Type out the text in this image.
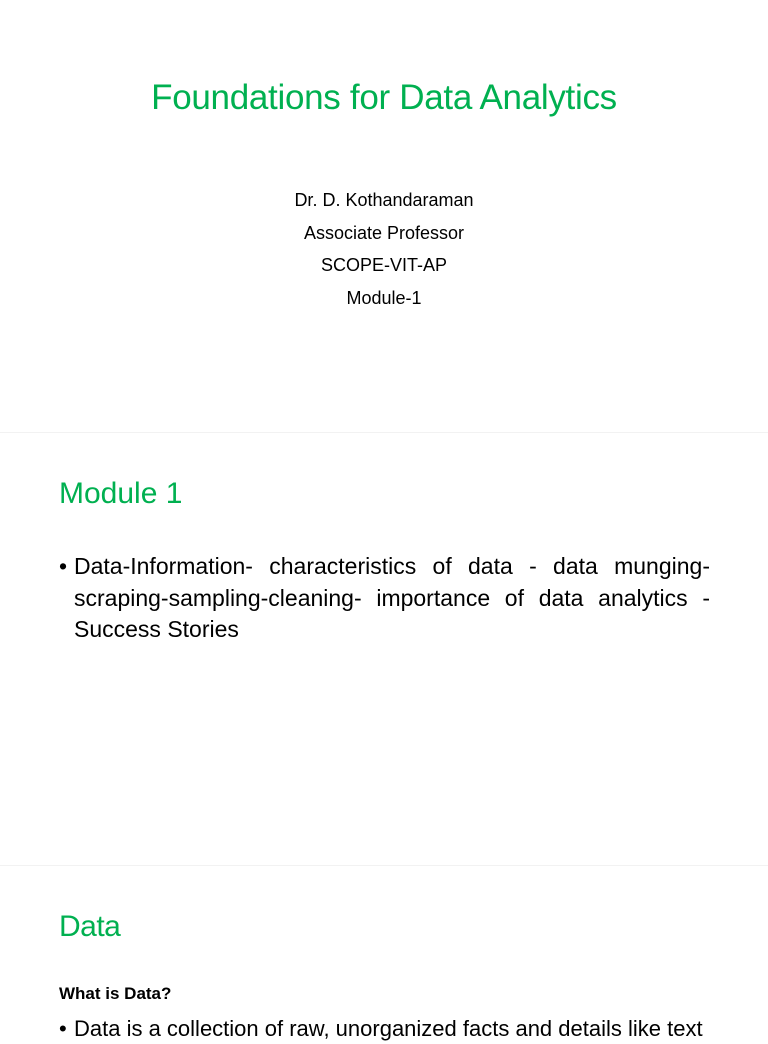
Foundations for Data Analytics
Dr. D. Kothandaraman
Associate Professor
SCOPE-VIT-AP
Module-1
Module 1
• Data-Information- characteristics of data - data munging-scraping-sampling-cleaning- importance of data analytics -Success Stories
Data
What is Data?
• Data is a collection of raw, unorganized facts and details like text
